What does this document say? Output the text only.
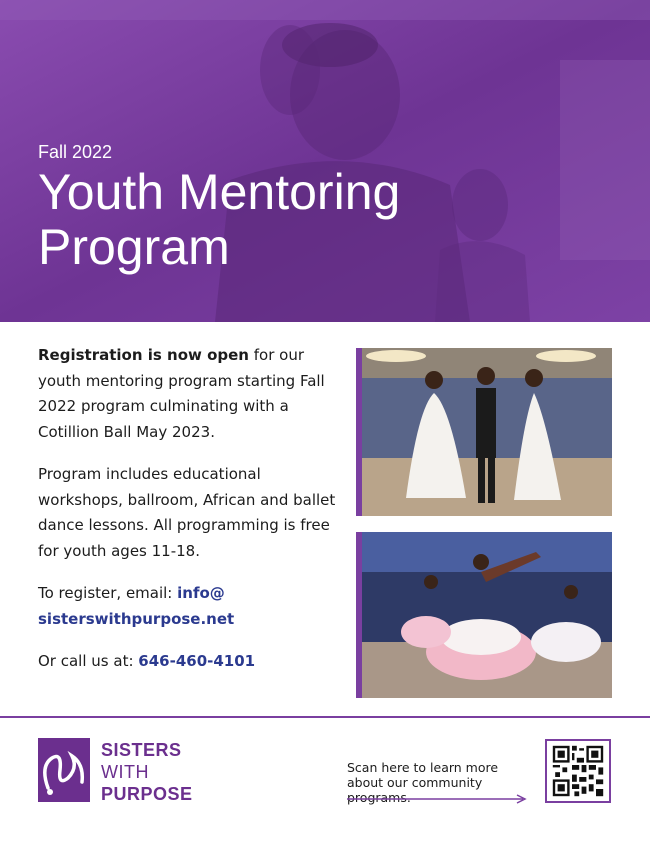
Fall 2022
Youth Mentoring
Program

Registration is now open for our youth mentoring program starting Fall 2022 program culminating with a Cotillion Ball May 2023.

Program includes educational workshops, ballroom, African and ballet dance lessons. All programming is free for youth ages 11-18.

To register, email: info@ sisterswithpurpose.net

Or call us at: 646-460-4101

SISTERS
WITH
PURPOSE
Scan here to learn more about our community programs.
